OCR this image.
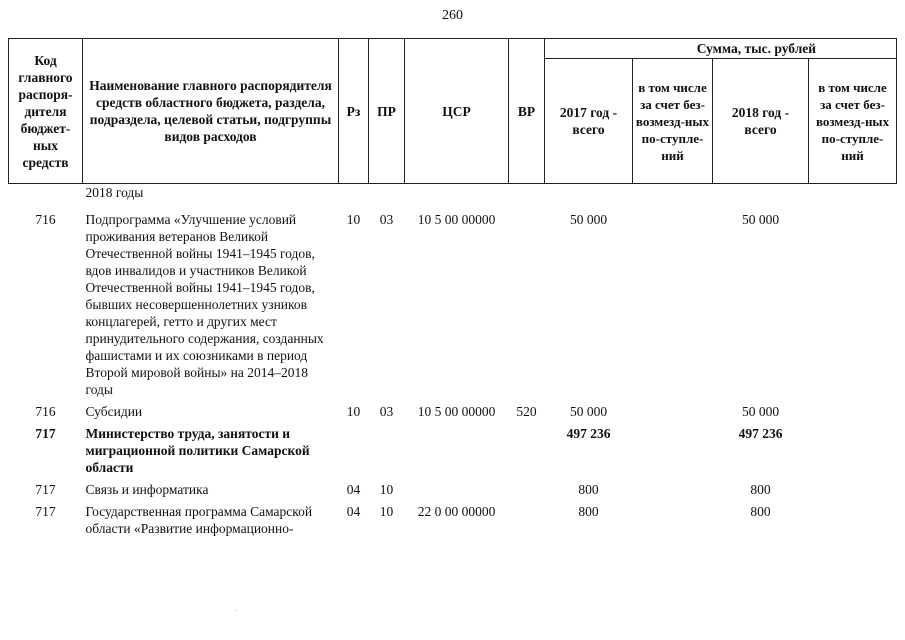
260
Код главного распоря-дителя бюджет-ных средств	Наименование главного распорядителя средств областного бюджета, раздела, подраздела, целевой статьи, подгруппы видов расходов	Рз	ПР	ЦСР	ВР	Сумма, тыс. рублей			
						2017 год - всего	в том числе за счет без-возмезд-ных по-ступле-ний	2018 год - всего	в том числе за счет без-возмезд-ных по-ступле-ний
	2018 годы								
716	Подпрограмма «Улучшение условий проживания ветеранов Великой Отечественной войны 1941–1945 годов, вдов инвалидов и участников Великой Отечественной войны 1941–1945 годов, бывших несовершеннолетних узников концлагерей, гетто и других мест принудительного содержания, созданных фашистами и их союзниками в период Второй мировой войны» на 2014–2018 годы	10	03	10 5 00 00000		50 000		50 000	
716	Субсидии	10	03	10 5 00 00000	520	50 000		50 000	
717	Министерство труда, занятости и миграционной политики Самарской области					497 236		497 236	
717	Связь и информатика	04	10			800		800	
717	Государственная программа Самарской области «Развитие информационно-	04	10	22 0 00 00000		800		800	
